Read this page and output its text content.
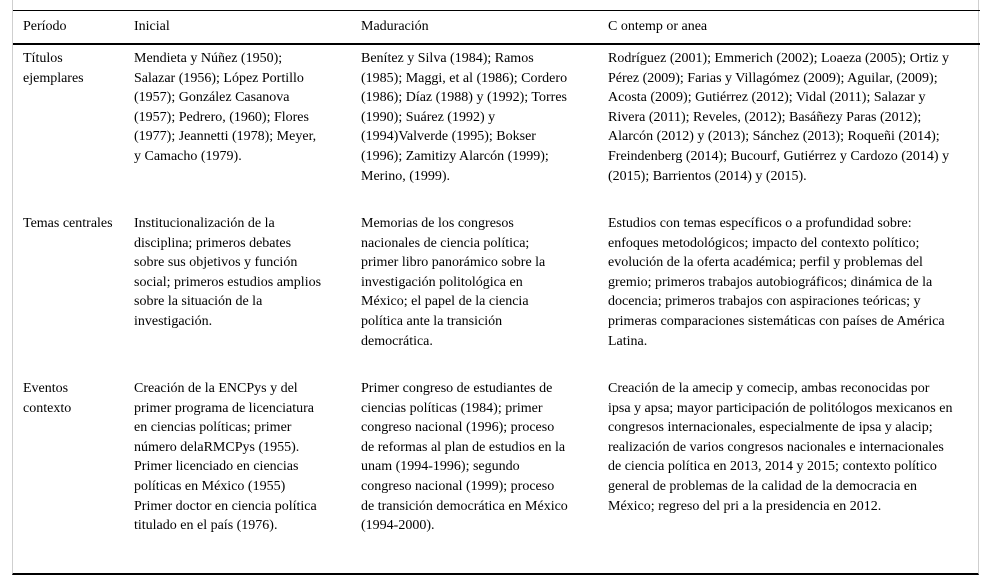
Período	Inicial	Maduración	C ontemp or anea
Títulos ejemplares	Mendieta y Núñez (1950); Salazar (1956); López Portillo (1957); González Casanova (1957); Pedrero, (1960); Flores (1977); Jeannetti (1978); Meyer, y Camacho (1979).	Benítez y Silva (1984); Ramos (1985); Maggi, et al (1986); Cordero (1986); Díaz (1988) y (1992); Torres (1990); Suárez (1992) y (1994)Valverde (1995); Bokser (1996); Zamitizy Alarcón (1999); Merino, (1999).	Rodríguez (2001); Emmerich (2002); Loaeza (2005); Ortiz y Pérez (2009); Farias y Villagómez (2009); Aguilar, (2009); Acosta (2009); Gutiérrez (2012); Vidal (2011); Salazar y Rivera (2011); Reveles, (2012); Basáñezy Paras (2012); Alarcón (2012) y (2013); Sánchez (2013); Roqueñi (2014); Freindenberg (2014); Bucourf, Gutiérrez y Cardozo (2014) y (2015); Barrientos (2014) y (2015).
Temas centrales	Institucionalización de la disciplina; primeros debates sobre sus objetivos y función social; primeros estudios amplios sobre la situación de la investigación.	Memorias de los congresos nacionales de ciencia política; primer libro panorámico sobre la investigación politológica en México; el papel de la ciencia política ante la transición democrática.	Estudios con temas específicos o a profundidad sobre: enfoques metodológicos; impacto del contexto político; evolución de la oferta académica; perfil y problemas del gremio; primeros trabajos autobiográficos; dinámica de la docencia; primeros trabajos con aspiraciones teóricas; y primeras comparaciones sistemáticas con países de América Latina.
Eventos contexto	Creación de la ENCPys y del primer programa de licenciatura en ciencias políticas; primer número delaRMCPys (1955). Primer licenciado en ciencias políticas en México (1955) Primer doctor en ciencia política titulado en el país (1976).	Primer congreso de estudiantes de ciencias políticas (1984); primer congreso nacional (1996); proceso de reformas al plan de estudios en la unam (1994-1996); segundo congreso nacional (1999); proceso de transición democrática en México (1994-2000).	Creación de la amecip y comecip, ambas reconocidas por ipsa y apsa; mayor participación de politólogos mexicanos en congresos internacionales, especialmente de ipsa y alacip; realización de varios congresos nacionales e internacionales de ciencia política en 2013, 2014 y 2015; contexto político general de problemas de la calidad de la democracia en México; regreso del pri a la presidencia en 2012.
